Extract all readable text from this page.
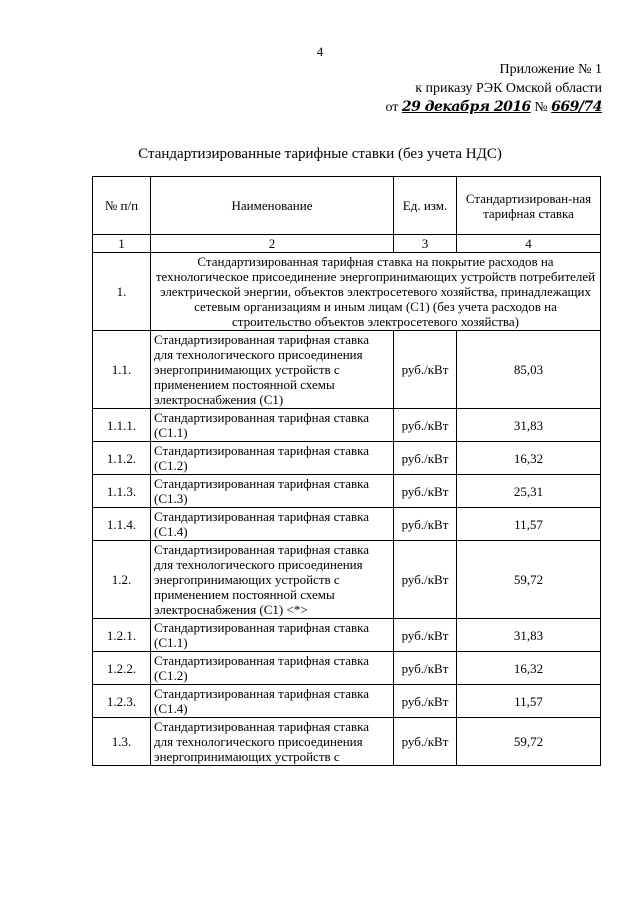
4
Приложение № 1
к приказу РЭК Омской области
от 29 декабря 2016 № 669/74
Стандартизированные тарифные ставки (без учета НДС)
№ п/п	Наименование	Ед. изм.	Стандартизирован-ная тарифная ставка
1	2	3	4
1.	Стандартизированная тарифная ставка на покрытие расходов на технологическое присоединение энергопринимающих устройств потребителей электрической энергии, объектов электросетевого хозяйства, принадлежащих сетевым организациям и иным лицам (С1) (без учета расходов на строительство объектов электросетевого хозяйства)		
1.1.	Стандартизированная тарифная ставка для технологического присоединения энергопринимающих устройств с применением постоянной схемы электроснабжения (С1)	руб./кВт	85,03
1.1.1.	Стандартизированная тарифная ставка (С1.1)	руб./кВт	31,83
1.1.2.	Стандартизированная тарифная ставка (С1.2)	руб./кВт	16,32
1.1.3.	Стандартизированная тарифная ставка (С1.3)	руб./кВт	25,31
1.1.4.	Стандартизированная тарифная ставка (С1.4)	руб./кВт	11,57
1.2.	Стандартизированная тарифная ставка для технологического присоединения энергопринимающих устройств с применением постоянной схемы электроснабжения (С1) <*>	руб./кВт	59,72
1.2.1.	Стандартизированная тарифная ставка (С1.1)	руб./кВт	31,83
1.2.2.	Стандартизированная тарифная ставка (С1.2)	руб./кВт	16,32
1.2.3.	Стандартизированная тарифная ставка (С1.4)	руб./кВт	11,57
1.3.	Стандартизированная тарифная ставка для технологического присоединения энергопринимающих устройств с	руб./кВт	59,72
